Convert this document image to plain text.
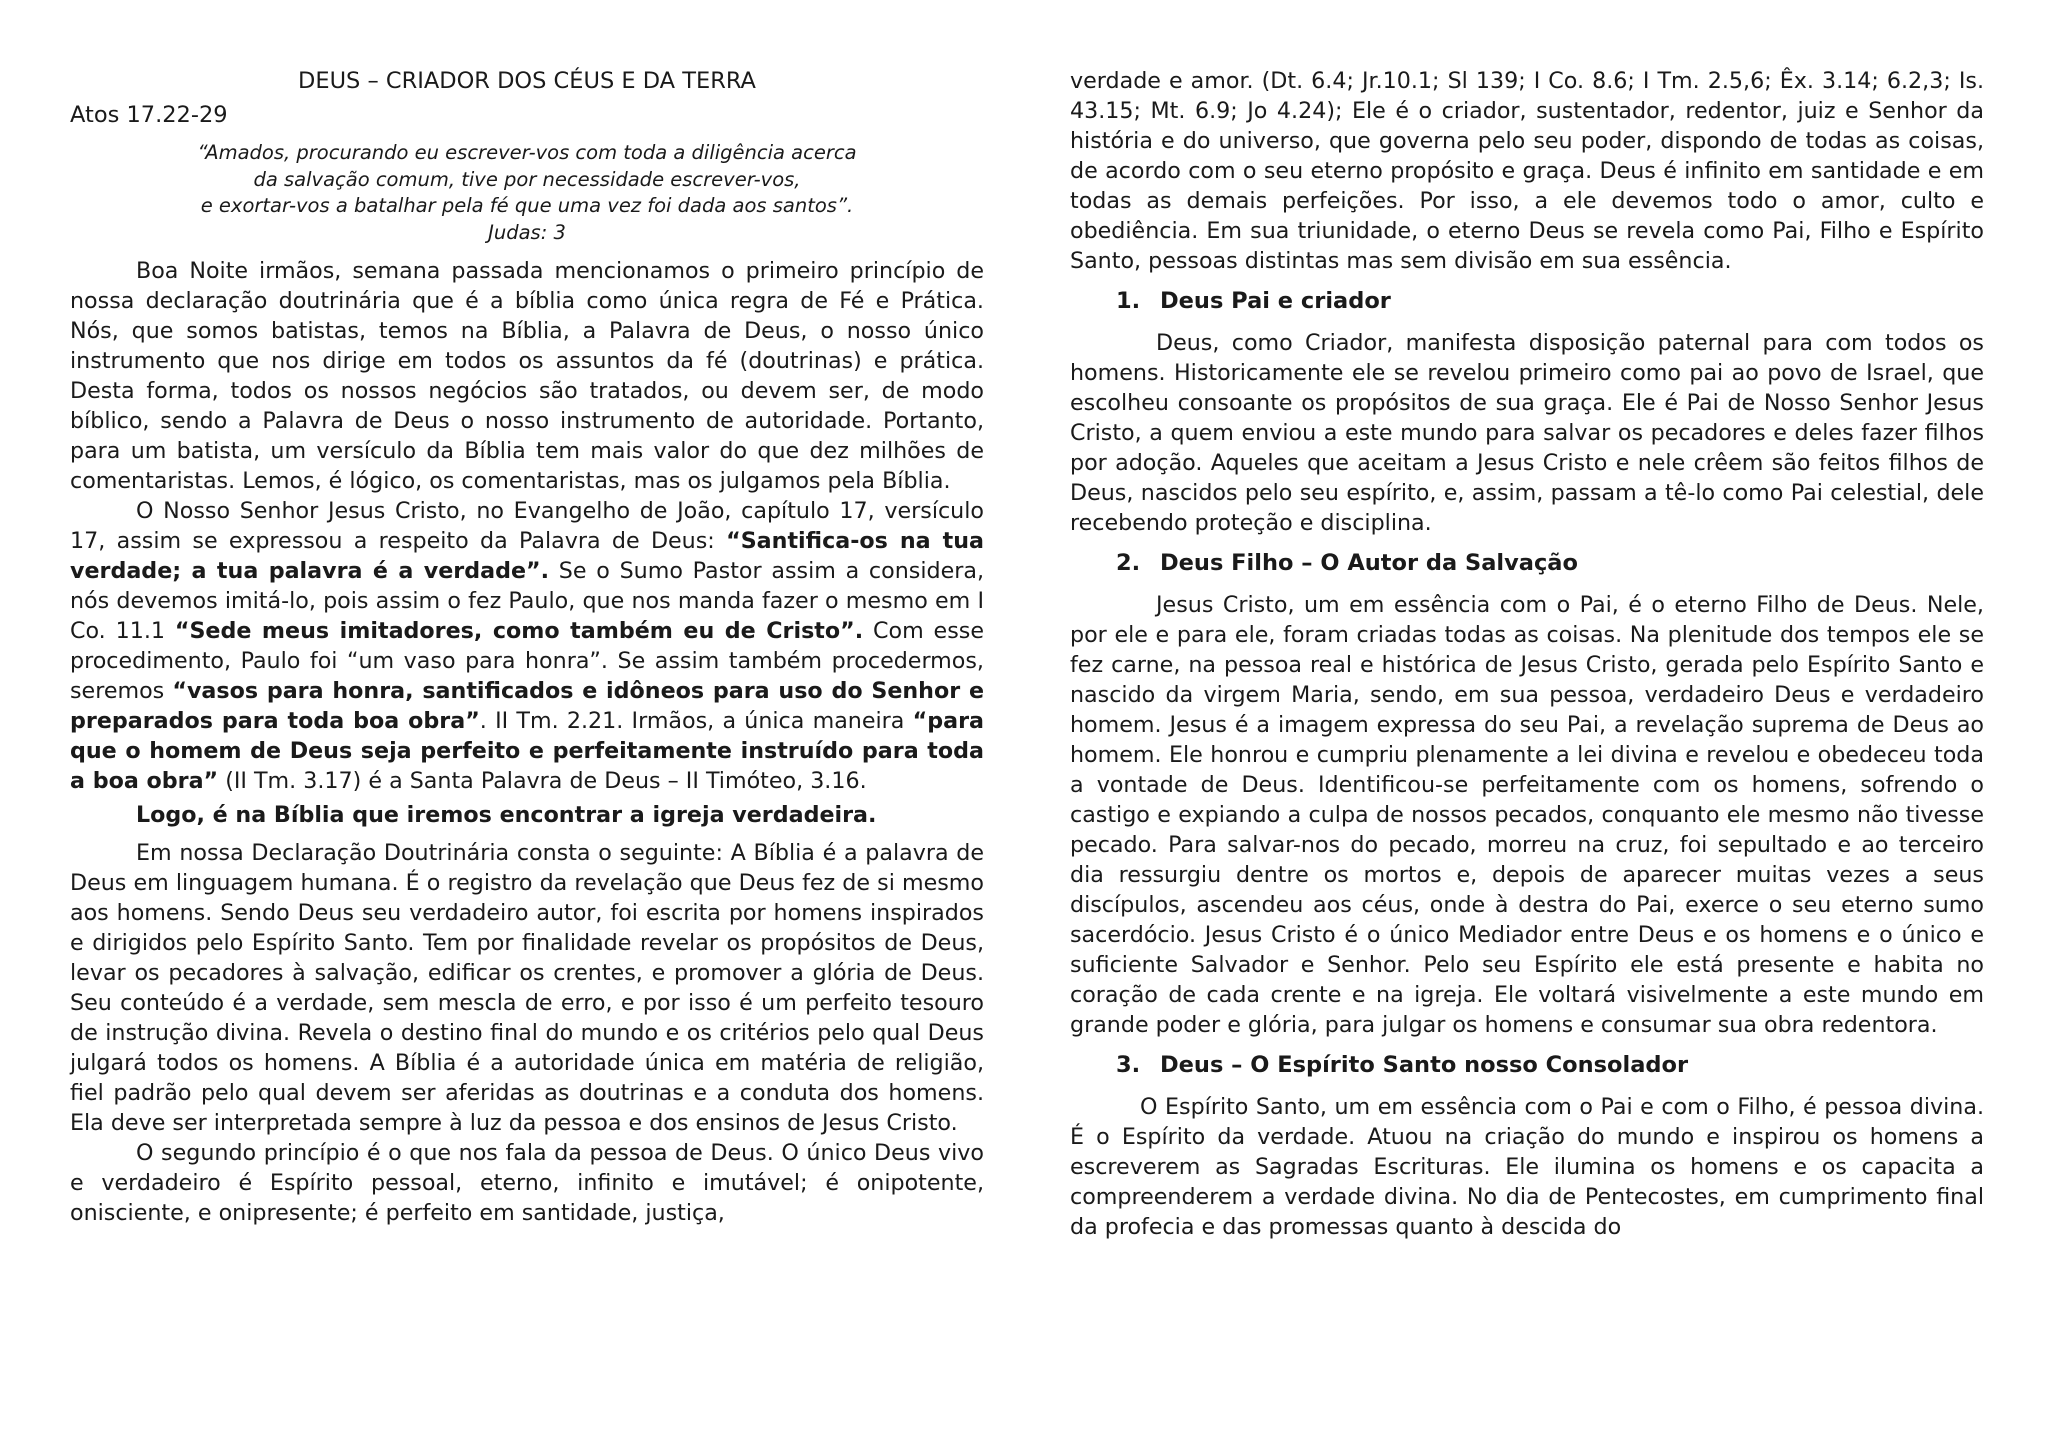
DEUS – CRIADOR DOS CÉUS E DA TERRA
Atos 17.22-29
“Amados, procurando eu escrever-vos com toda a diligência acerca
da salvação comum, tive por necessidade escrever-vos,
e exortar-vos a batalhar pela fé que uma vez foi dada aos santos”.
Judas: 3

Boa Noite irmãos, semana passada mencionamos o primeiro princípio de nossa declaração doutrinária que é a bíblia como única regra de Fé e Prática. Nós, que somos batistas, temos na Bíblia, a Palavra de Deus, o nosso único instrumento que nos dirige em todos os assuntos da fé (doutrinas) e prática. Desta forma, todos os nossos negócios são tratados, ou devem ser, de modo bíblico, sendo a Palavra de Deus o nosso instrumento de autoridade. Portanto, para um batista, um versículo da Bíblia tem mais valor do que dez milhões de comentaristas. Lemos, é lógico, os comentaristas, mas os julgamos pela Bíblia.

O Nosso Senhor Jesus Cristo, no Evangelho de João, capítulo 17, versículo 17, assim se expressou a respeito da Palavra de Deus: “Santifica-os na tua verdade; a tua palavra é a verdade”. Se o Sumo Pastor assim a considera, nós devemos imitá-lo, pois assim o fez Paulo, que nos manda fazer o mesmo em I Co. 11.1 “Sede meus imitadores, como também eu de Cristo”. Com esse procedimento, Paulo foi “um vaso para honra”. Se assim também procedermos, seremos “vasos para honra, santificados e idôneos para uso do Senhor e preparados para toda boa obra”. II Tm. 2.21. Irmãos, a única maneira “para que o homem de Deus seja perfeito e perfeitamente instruído para toda a boa obra” (II Tm. 3.17) é a Santa Palavra de Deus – II Timóteo, 3.16.

Logo, é na Bíblia que iremos encontrar a igreja verdadeira.

Em nossa Declaração Doutrinária consta o seguinte: A Bíblia é a palavra de Deus em linguagem humana. É o registro da revelação que Deus fez de si mesmo aos homens. Sendo Deus seu verdadeiro autor, foi escrita por homens inspirados e dirigidos pelo Espírito Santo. Tem por finalidade revelar os propósitos de Deus, levar os pecadores à salvação, edificar os crentes, e promover a glória de Deus. Seu conteúdo é a verdade, sem mescla de erro, e por isso é um perfeito tesouro de instrução divina. Revela o destino final do mundo e os critérios pelo qual Deus julgará todos os homens. A Bíblia é a autoridade única em matéria de religião, fiel padrão pelo qual devem ser aferidas as doutrinas e a conduta dos homens. Ela deve ser interpretada sempre à luz da pessoa e dos ensinos de Jesus Cristo.

O segundo princípio é o que nos fala da pessoa de Deus. O único Deus vivo e verdadeiro é Espírito pessoal, eterno, infinito e imutável; é onipotente, onisciente, e onipresente; é perfeito em santidade, justiça,

verdade e amor. (Dt. 6.4; Jr.10.1; Sl 139; I Co. 8.6; I Tm. 2.5,6; Êx. 3.14; 6.2,3; Is. 43.15; Mt. 6.9; Jo 4.24); Ele é o criador, sustentador, redentor, juiz e Senhor da história e do universo, que governa pelo seu poder, dispondo de todas as coisas, de acordo com o seu eterno propósito e graça. Deus é infinito em santidade e em todas as demais perfeições. Por isso, a ele devemos todo o amor, culto e obediência. Em sua triunidade, o eterno Deus se revela como Pai, Filho e Espírito Santo, pessoas distintas mas sem divisão em sua essência.

1. Deus Pai e criador

Deus, como Criador, manifesta disposição paternal para com todos os homens. Historicamente ele se revelou primeiro como pai ao povo de Israel, que escolheu consoante os propósitos de sua graça. Ele é Pai de Nosso Senhor Jesus Cristo, a quem enviou a este mundo para salvar os pecadores e deles fazer filhos por adoção. Aqueles que aceitam a Jesus Cristo e nele crêem são feitos filhos de Deus, nascidos pelo seu espírito, e, assim, passam a tê-lo como Pai celestial, dele recebendo proteção e disciplina.

2. Deus Filho – O Autor da Salvação

Jesus Cristo, um em essência com o Pai, é o eterno Filho de Deus. Nele, por ele e para ele, foram criadas todas as coisas. Na plenitude dos tempos ele se fez carne, na pessoa real e histórica de Jesus Cristo, gerada pelo Espírito Santo e nascido da virgem Maria, sendo, em sua pessoa, verdadeiro Deus e verdadeiro homem. Jesus é a imagem expressa do seu Pai, a revelação suprema de Deus ao homem. Ele honrou e cumpriu plenamente a lei divina e revelou e obedeceu toda a vontade de Deus. Identificou-se perfeitamente com os homens, sofrendo o castigo e expiando a culpa de nossos pecados, conquanto ele mesmo não tivesse pecado. Para salvar-nos do pecado, morreu na cruz, foi sepultado e ao terceiro dia ressurgiu dentre os mortos e, depois de aparecer muitas vezes a seus discípulos, ascendeu aos céus, onde à destra do Pai, exerce o seu eterno sumo sacerdócio. Jesus Cristo é o único Mediador entre Deus e os homens e o único e suficiente Salvador e Senhor. Pelo seu Espírito ele está presente e habita no coração de cada crente e na igreja. Ele voltará visivelmente a este mundo em grande poder e glória, para julgar os homens e consumar sua obra redentora.

3. Deus – O Espírito Santo nosso Consolador

O Espírito Santo, um em essência com o Pai e com o Filho, é pessoa divina. É o Espírito da verdade. Atuou na criação do mundo e inspirou os homens a escreverem as Sagradas Escrituras. Ele ilumina os homens e os capacita a compreenderem a verdade divina. No dia de Pentecostes, em cumprimento final da profecia e das promessas quanto à descida do
